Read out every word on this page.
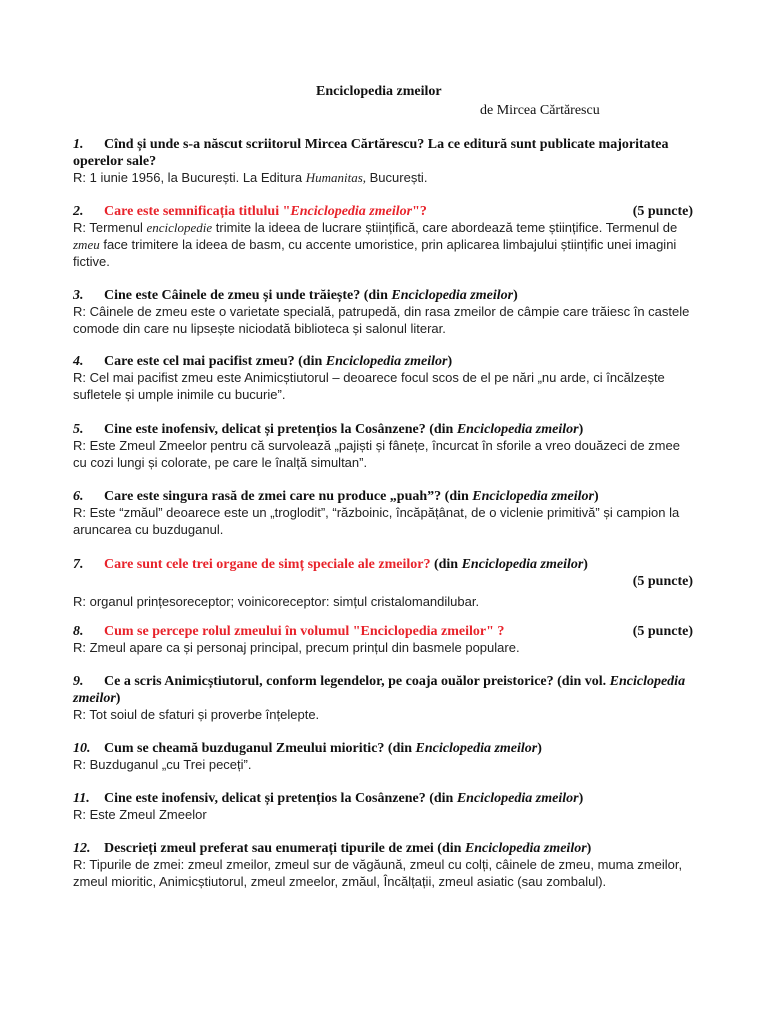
Enciclopedia zmeilor
de Mircea Cărtărescu
1. Cînd și unde s-a născut scriitorul Mircea Cărtărescu? La ce editură sunt publicate majoritatea operelor sale?
R: 1 iunie 1956, la București. La Editura Humanitas, București.
2. Care este semnificația titlului "Enciclopedia zmeilor"?	(5 puncte)
R: Termenul enciclopedie trimite la ideea de lucrare științifică, care abordează teme științifice. Termenul de zmeu face trimitere la ideea de basm, cu accente umoristice, prin aplicarea limbajului științific unei imagini fictive.
3. Cine este Câinele de zmeu și unde trăiește? (din Enciclopedia zmeilor)
R: Câinele de zmeu este o varietate specială, patrupedă, din rasa zmeilor de câmpie care trăiesc în castele comode din care nu lipsește niciodată biblioteca și salonul literar.
4. Care este cel mai pacifist zmeu? (din Enciclopedia zmeilor)
R: Cel mai pacifist zmeu este Animicștiutorul – deoarece focul scos de el pe nări „nu arde, ci încălzește sufletele și umple inimile cu bucurie”.
5. Cine este inofensiv, delicat și pretențios la Cosânzene? (din Enciclopedia zmeilor)
R: Este Zmeul Zmeelor pentru că survolează „pajiști și fânețe, încurcat în sforile a vreo douăzeci de zmee cu cozi lungi și colorate, pe care le înalță simultan”.
6. Care este singura rasă de zmei care nu produce „puah”? (din Enciclopedia zmeilor)
R: Este “zmăul” deoarece este un „troglodit”, “războinic, încăpățânat, de o viclenie primitivă” și campion la aruncarea cu buzduganul.
7. Care sunt cele trei organe de simț speciale ale zmeilor? (din Enciclopedia zmeilor)
(5 puncte)
R: organul prințesoreceptor; voinicoreceptor: simțul cristalomandilubar.
8. Cum se percepe rolul zmeului în volumul "Enciclopedia zmeilor" ?	(5 puncte)
R: Zmeul apare ca și personaj principal, precum prințul din basmele populare.
9. Ce a scris Animicștiutorul, conform legendelor, pe coaja ouălor preistorice? (din vol. Enciclopedia zmeilor)
R: Tot soiul de sfaturi și proverbe înțelepte.
10. Cum se cheamă buzduganul Zmeului mioritic? (din Enciclopedia zmeilor)
R: Buzduganul „cu Trei peceți”.
11. Cine este inofensiv, delicat și pretențios la Cosânzene? (din Enciclopedia zmeilor)
R: Este Zmeul Zmeelor
12. Descrieți zmeul preferat sau enumerați tipurile de zmei (din Enciclopedia zmeilor)
R: Tipurile de zmei: zmeul zmeilor, zmeul sur de văgăună, zmeul cu colți, câinele de zmeu, muma zmeilor, zmeul mioritic, Animicștiutorul, zmeul zmeelor, zmăul, Încălțații, zmeul asiatic (sau zombalul).
